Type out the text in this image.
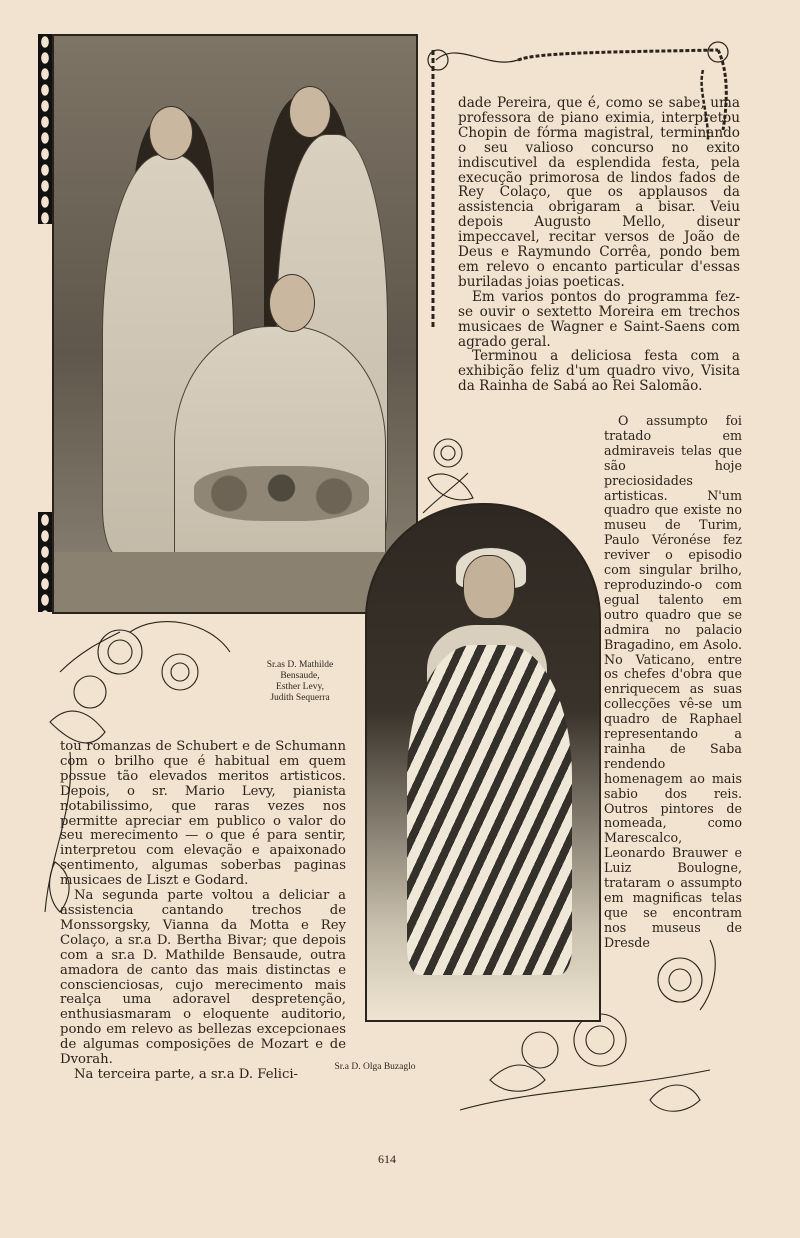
Sr.as D. Mathilde
Bensaude,
Esther Levy,
Judith Sequerra
Sr.a D. Olga Buzaglo

dade Pereira, que é, como se sabe, uma professora de piano eximia, interpretou Chopin de fórma magistral, terminando o seu valioso concurso no exito indiscutivel da esplendida festa, pela execução primorosa de lindos fados de Rey Colaço, que os applausos da assistencia obrigaram a bisar. Veiu depois Augusto Mello, diseur impeccavel, recitar versos de João de Deus e Raymundo Corrêa, pondo bem em relevo o encanto particular d'essas buriladas joias poeticas.

Em varios pontos do programma fez-se ouvir o sextetto Moreira em trechos musicaes de Wagner e Saint-Saens com agrado geral.

Terminou a deliciosa festa com a exhibição feliz d'um quadro vivo, Visita da Rainha de Sabá ao Rei Salomão.

O assumpto foi tratado em admiraveis telas que são hoje preciosidades artisticas. N'um quadro que existe no museu de Turim, Paulo Véronése fez reviver o episodio com singular brilho, reproduzindo-o com egual talento em outro quadro que se admira no palacio Bragadino, em Asolo. No Vaticano, entre os chefes d'obra que enriquecem as suas collecções vê-se um quadro de Raphael representando a rainha de Saba rendendo homenagem ao mais sabio dos reis. Outros pintores de nomeada, como Marescalco, Leonardo Brauwer e Luiz Boulogne, trataram o assumpto em magnificas telas que se encontram nos museus de Dresde

tou romanzas de Schubert e de Schumann com o brilho que é habitual em quem possue tão elevados meritos artisticos. Depois, o sr. Mario Levy, pianista notabilissimo, que raras vezes nos permitte apreciar em publico o valor do seu merecimento — o que é para sentir, interpretou com elevação e apaixonado sentimento, algumas soberbas paginas musicaes de Liszt e Godard.

Na segunda parte voltou a deliciar a assistencia cantando trechos de Monssorgsky, Vianna da Motta e Rey Colaço, a sr.a D. Bertha Bivar; que depois com a sr.a D. Mathilde Bensaude, outra amadora de canto das mais distinctas e conscienciosas, cujo merecimento mais realça uma adoravel despretenção, enthusiasmaram o eloquente auditorio, pondo em relevo as bellezas excepcionaes de algumas composições de Mozart e de Dvorah.

Na terceira parte, a sr.a D. Felici-

614
